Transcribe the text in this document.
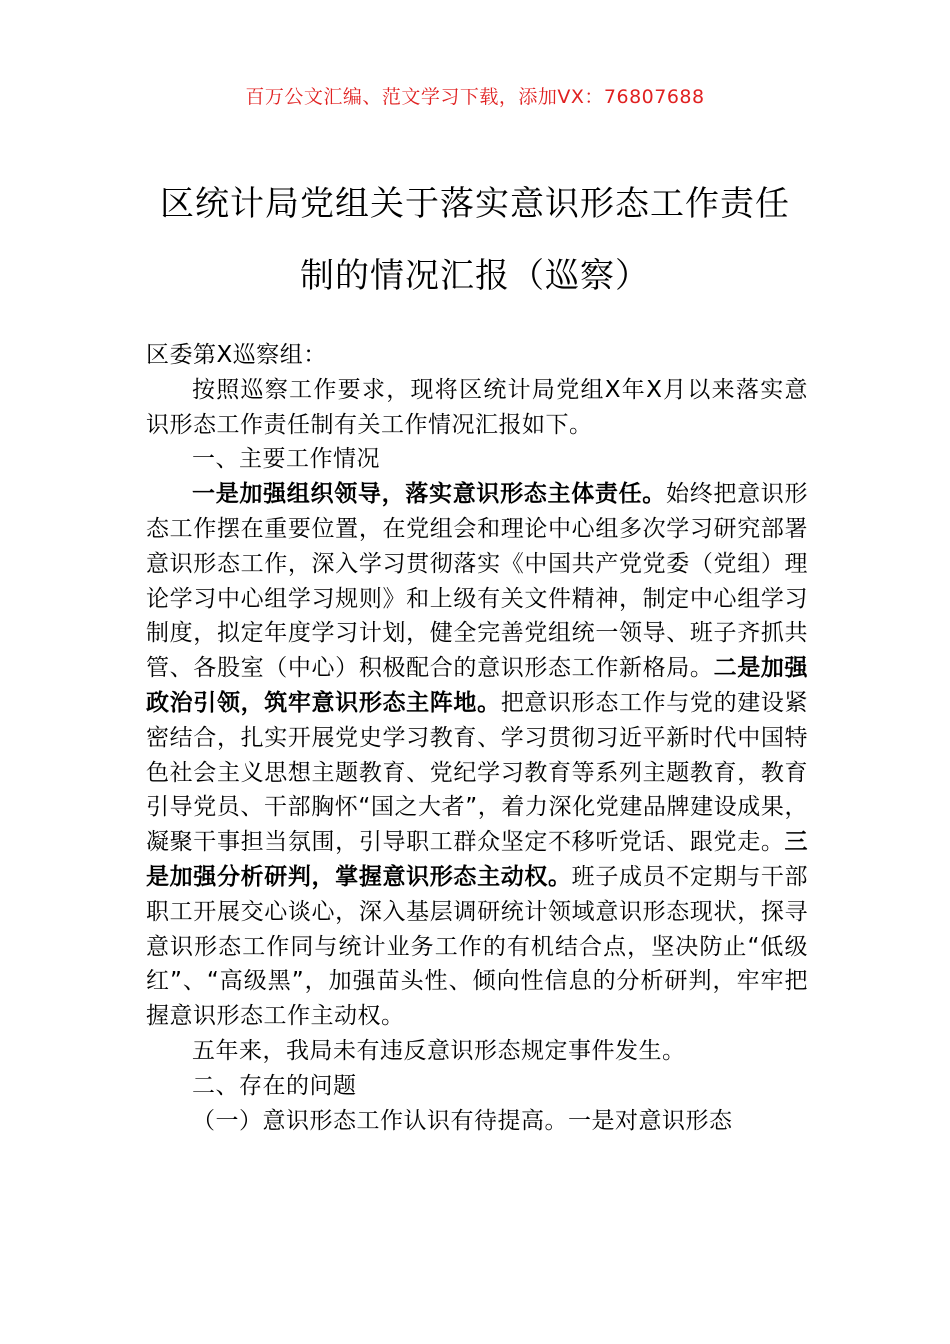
百万公文汇编、范文学习下载，添加VX：76807688
区统计局党组关于落实意识形态工作责任
制的情况汇报（巡察）

区委第X巡察组：

按照巡察工作要求，现将区统计局党组X年X月以来落实意识形态工作责任制有关工作情况汇报如下。

一、主要工作情况

一是加强组织领导，落实意识形态主体责任。始终把意识形态工作摆在重要位置，在党组会和理论中心组多次学习研究部署意识形态工作，深入学习贯彻落实《中国共产党党委（党组）理论学习中心组学习规则》和上级有关文件精神，制定中心组学习制度，拟定年度学习计划，健全完善党组统一领导、班子齐抓共管、各股室（中心）积极配合的意识形态工作新格局。二是加强政治引领，筑牢意识形态主阵地。把意识形态工作与党的建设紧密结合，扎实开展党史学习教育、学习贯彻习近平新时代中国特色社会主义思想主题教育、党纪学习教育等系列主题教育，教育引导党员、干部胸怀“国之大者”，着力深化党建品牌建设成果，凝聚干事担当氛围，引导职工群众坚定不移听党话、跟党走。三是加强分析研判，掌握意识形态主动权。班子成员不定期与干部职工开展交心谈心，深入基层调研统计领域意识形态现状，探寻意识形态工作同与统计业务工作的有机结合点，坚决防止“低级红”、“高级黑”，加强苗头性、倾向性信息的分析研判，牢牢把握意识形态工作主动权。

五年来，我局未有违反意识形态规定事件发生。

二、存在的问题

（一）意识形态工作认识有待提高。一是对意识形态
